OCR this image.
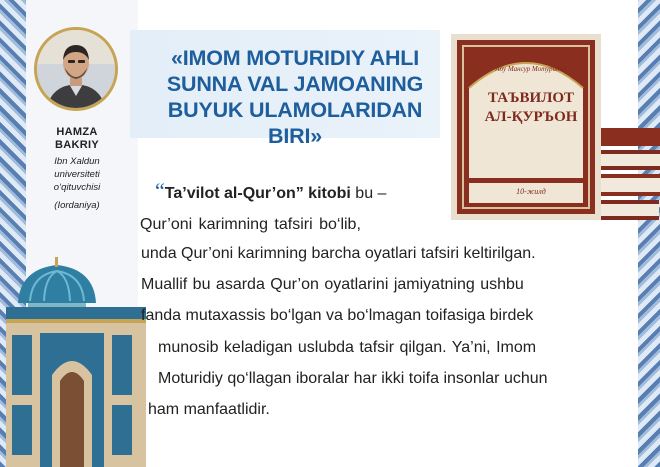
«IMOM MOTURIDIY AHLI
SUNNA VAL JAMOANING
BUYUK ULAMOLARIDAN BIRI»
HAMZA
BAKRIY
Ibn Xaldun
universiteti
o‘qituvchisi
(Iordaniya)
Абу Мансур Мотуридий
ТАЪВИЛОТ
АЛ-ҚУРЪОН
10-жилд
“Ta’vilot al-Qur’on” kitobi bu –
Qur’oni karimning tafsiri bo‘lib,
unda Qur’oni karimning barcha oyatlari tafsiri keltirilgan.
Muallif bu asarda Qur’on oyatlarini jamiyatning ushbu
fanda mutaxassis bo‘lgan va bo‘lmagan toifasiga birdek
munosib keladigan uslubda tafsir qilgan. Ya’ni, Imom
Moturidiy qo‘llagan iboralar har ikki toifa insonlar uchun
ham manfaatlidir.
